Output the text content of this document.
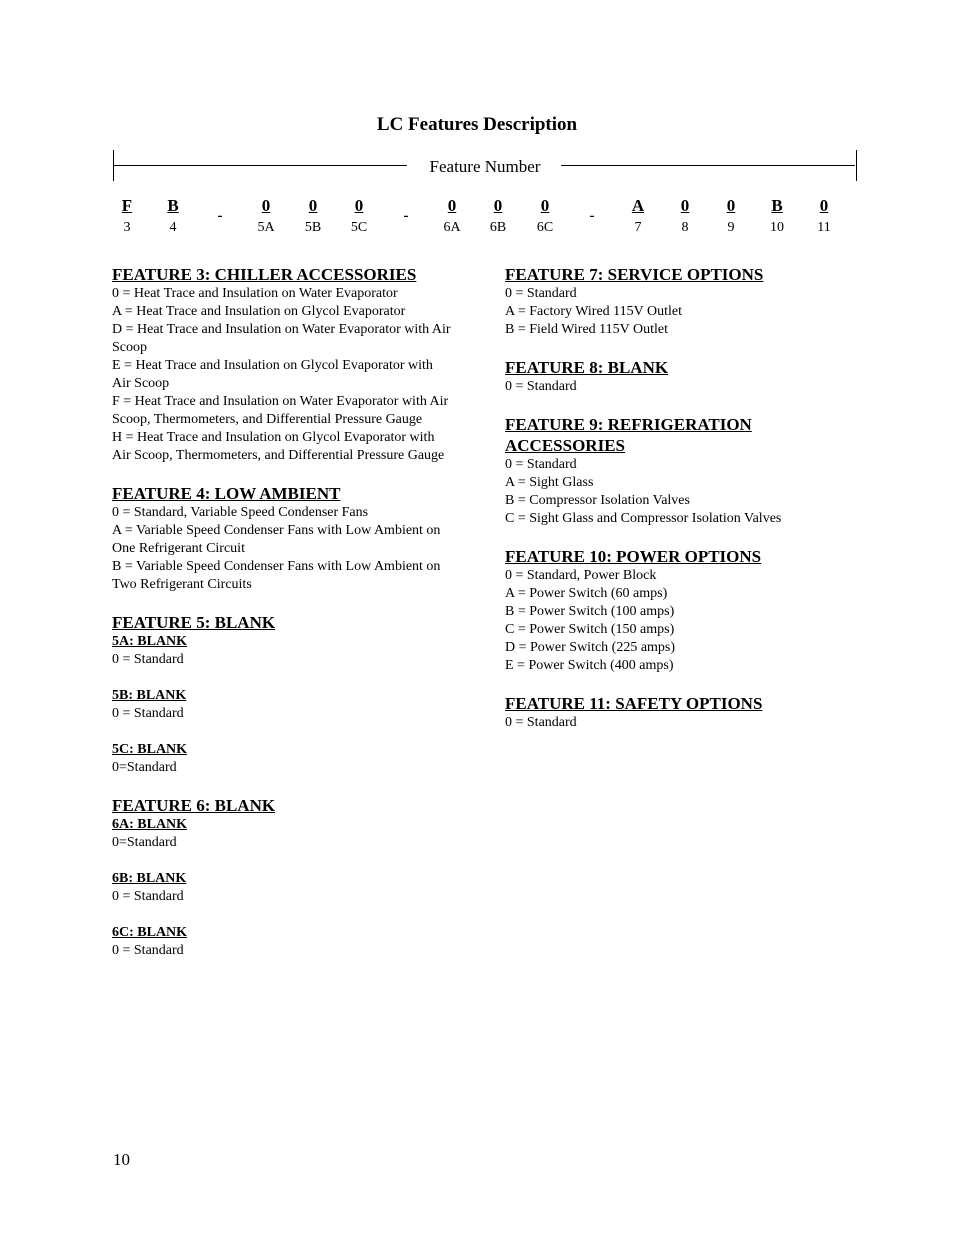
LC Features Description
Feature Number
F
3
B
4
-
0
5A
0
5B
0
5C
-
0
6A
0
6B
0
6C
-
A
7
0
8
0
9
B
10
0
11

FEATURE 3: CHILLER ACCESSORIES

0 = Heat Trace and Insulation on Water Evaporator

A = Heat Trace and Insulation on Glycol Evaporator

D = Heat Trace and Insulation on Water Evaporator with Air Scoop

E = Heat Trace and Insulation on Glycol Evaporator with Air Scoop

F = Heat Trace and Insulation on Water Evaporator with Air Scoop, Thermometers, and Differential Pressure Gauge

H = Heat Trace and Insulation on Glycol Evaporator with Air Scoop, Thermometers, and Differential Pressure Gauge

FEATURE 4: LOW AMBIENT

0 = Standard, Variable Speed Condenser Fans

A = Variable Speed Condenser Fans with Low Ambient on One Refrigerant Circuit

B = Variable Speed Condenser Fans with Low Ambient on Two Refrigerant Circuits

FEATURE 5: BLANK

5A: BLANK

0 = Standard

5B: BLANK

0 = Standard

5C: BLANK

0=Standard

FEATURE 6: BLANK

6A: BLANK

0=Standard

6B: BLANK

0 = Standard

6C: BLANK

0 = Standard

FEATURE 7: SERVICE OPTIONS

0 = Standard

A = Factory Wired 115V Outlet

B = Field Wired 115V Outlet

FEATURE 8: BLANK

0 = Standard

FEATURE 9: REFRIGERATION ACCESSORIES

0 = Standard

A = Sight Glass

B = Compressor Isolation Valves

C = Sight Glass and Compressor Isolation Valves

FEATURE 10: POWER OPTIONS

0 = Standard, Power Block

A = Power Switch (60 amps)

B = Power Switch (100 amps)

C = Power Switch (150 amps)

D = Power Switch (225 amps)

E = Power Switch (400 amps)

FEATURE 11: SAFETY OPTIONS

0 = Standard

10
